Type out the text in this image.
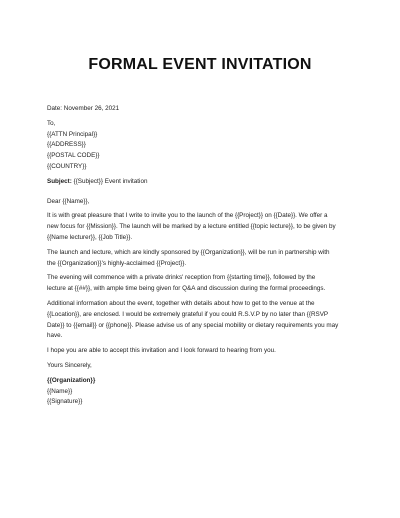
FORMAL EVENT INVITATION
Date: November 26, 2021
To,
{{ATTN Principal}}
{{ADDRESS}}
{{POSTAL CODE}}
{{COUNTRY}}
Subject: {{Subject}} Event invitation
Dear {{Name}},
It is with great pleasure that I write to invite you to the launch of the {{Project}} on {{Date}}. We offer a
new focus for {{Mission}}. The launch will be marked by a lecture entitled {{topic lecture}}, to be given by
{{Name lecturer}}, {{Job Title}}.
The launch and lecture, which are kindly sponsored by {{Organization}}, will be run in partnership with
the {{Organization}}'s highly-acclaimed {{Project}}.
The evening will commence with a private drinks' reception from {{starting time}}, followed by the
lecture at {{##}}, with ample time being given for Q&A and discussion during the formal proceedings.
Additional information about the event, together with details about how to get to the venue at the
{{Location}}, are enclosed. I would be extremely grateful if you could R.S.V.P by no later than {{RSVP
Date}} to {{email}} or {{phone}}. Please advise us of any special mobility or dietary requirements you may
have.
I hope you are able to accept this invitation and I look forward to hearing from you.
Yours Sincerely,
{{Organization}}
{{Name}}
{{Signature}}
